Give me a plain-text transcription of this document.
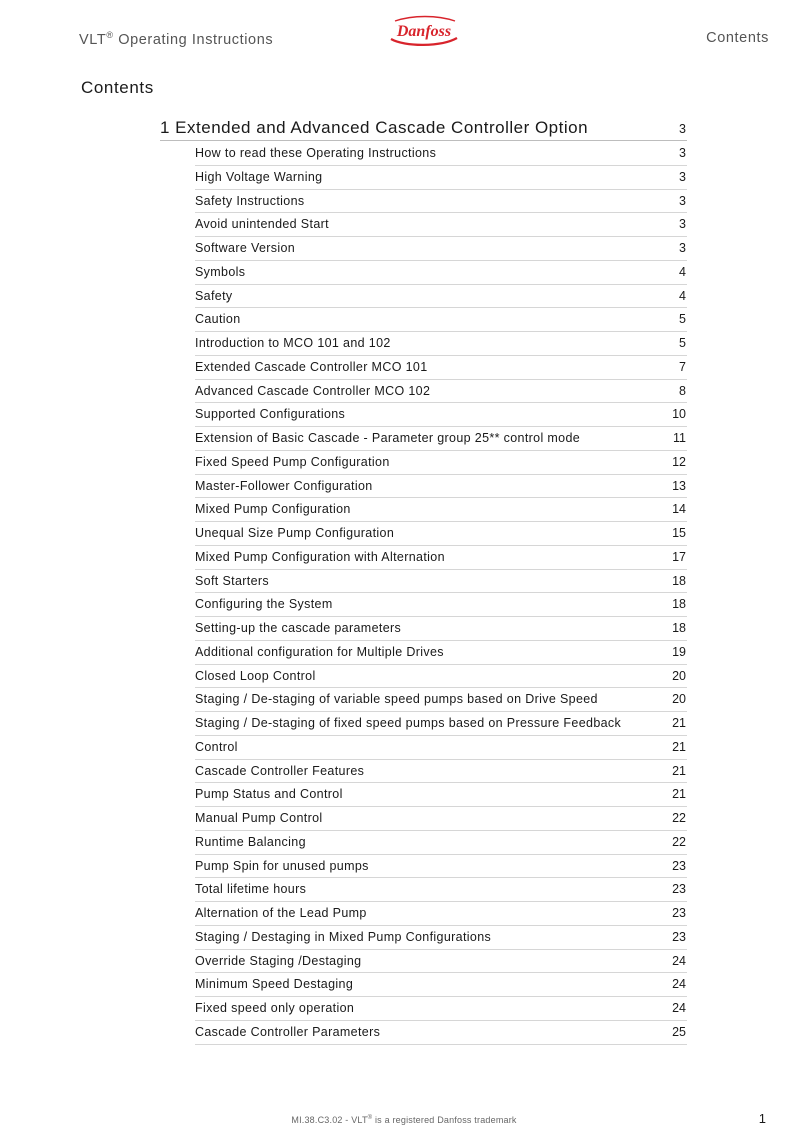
VLT® Operating Instructions	Danfoss	Contents
Contents
1 Extended and Advanced Cascade Controller Option	3
How to read these Operating Instructions	3
High Voltage Warning	3
Safety Instructions	3
Avoid unintended Start	3
Software Version	3
Symbols	4
Safety	4
Caution	5
Introduction to MCO 101 and 102	5
Extended Cascade Controller MCO 101	7
Advanced Cascade Controller MCO 102	8
Supported Configurations	10
Extension of Basic Cascade - Parameter group 25** control mode	11
Fixed Speed Pump Configuration	12
Master-Follower Configuration	13
Mixed Pump Configuration	14
Unequal Size Pump Configuration	15
Mixed Pump Configuration with Alternation	17
Soft Starters	18
Configuring the System	18
Setting-up the cascade parameters	18
Additional configuration for Multiple Drives	19
Closed Loop Control	20
Staging / De-staging of variable speed pumps based on Drive Speed	20
Staging / De-staging of fixed speed pumps based on Pressure Feedback	21
Control	21
Cascade Controller Features	21
Pump Status and Control	21
Manual Pump Control	22
Runtime Balancing	22
Pump Spin for unused pumps	23
Total lifetime hours	23
Alternation of the Lead Pump	23
Staging / Destaging in Mixed Pump Configurations	23
Override Staging /Destaging	24
Minimum Speed Destaging	24
Fixed speed only operation	24
Cascade Controller Parameters	25
MI.38.C3.02 - VLT® is a registered Danfoss trademark	1
